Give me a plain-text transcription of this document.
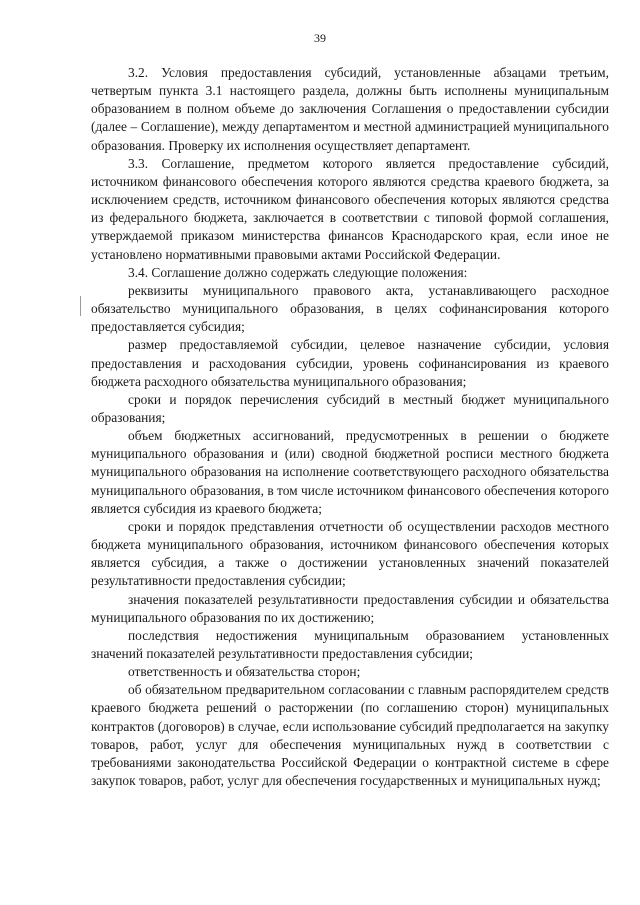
39

3.2. Условия предоставления субсидий, установленные абзацами третьим, четвертым пункта 3.1 настоящего раздела, должны быть исполнены муниципальным образованием в полном объеме до заключения Соглашения о предоставлении субсидии (далее – Соглашение), между департаментом и местной администрацией муниципального образования. Проверку их исполнения осуществляет департамент.

3.3. Соглашение, предметом которого является предоставление субсидий, источником финансового обеспечения которого являются средства краевого бюджета, за исключением средств, источником финансового обеспечения которых являются средства из федерального бюджета, заключается в соответствии с типовой формой соглашения, утверждаемой приказом министерства финансов Краснодарского края, если иное не установлено нормативными правовыми актами Российской Федерации.

3.4. Соглашение должно содержать следующие положения:

реквизиты муниципального правового акта, устанавливающего расходное обязательство муниципального образования, в целях софинансирования которого предоставляется субсидия;

размер предоставляемой субсидии, целевое назначение субсидии, условия предоставления и расходования субсидии, уровень софинансирования из краевого бюджета расходного обязательства муниципального образования;

сроки и порядок перечисления субсидий в местный бюджет муниципального образования;

объем бюджетных ассигнований, предусмотренных в решении о бюджете муниципального образования и (или) сводной бюджетной росписи местного бюджета муниципального образования на исполнение соответствующего расходного обязательства муниципального образования, в том числе источником финансового обеспечения которого является субсидия из краевого бюджета;

сроки и порядок представления отчетности об осуществлении расходов местного бюджета муниципального образования, источником финансового обеспечения которых является субсидия, а также о достижении установленных значений показателей результативности предоставления субсидии;

значения показателей результативности предоставления субсидии и обязательства муниципального образования по их достижению;

последствия недостижения муниципальным образованием установленных значений показателей результативности предоставления субсидии;

ответственность и обязательства сторон;

об обязательном предварительном согласовании с главным распорядителем средств краевого бюджета решений о расторжении (по соглашению сторон) муниципальных контрактов (договоров) в случае, если использование субсидий предполагается на закупку товаров, работ, услуг для обеспечения муниципальных нужд в соответствии с требованиями законодательства Российской Федерации о контрактной системе в сфере закупок товаров, работ, услуг для обеспечения государственных и муниципальных нужд;
